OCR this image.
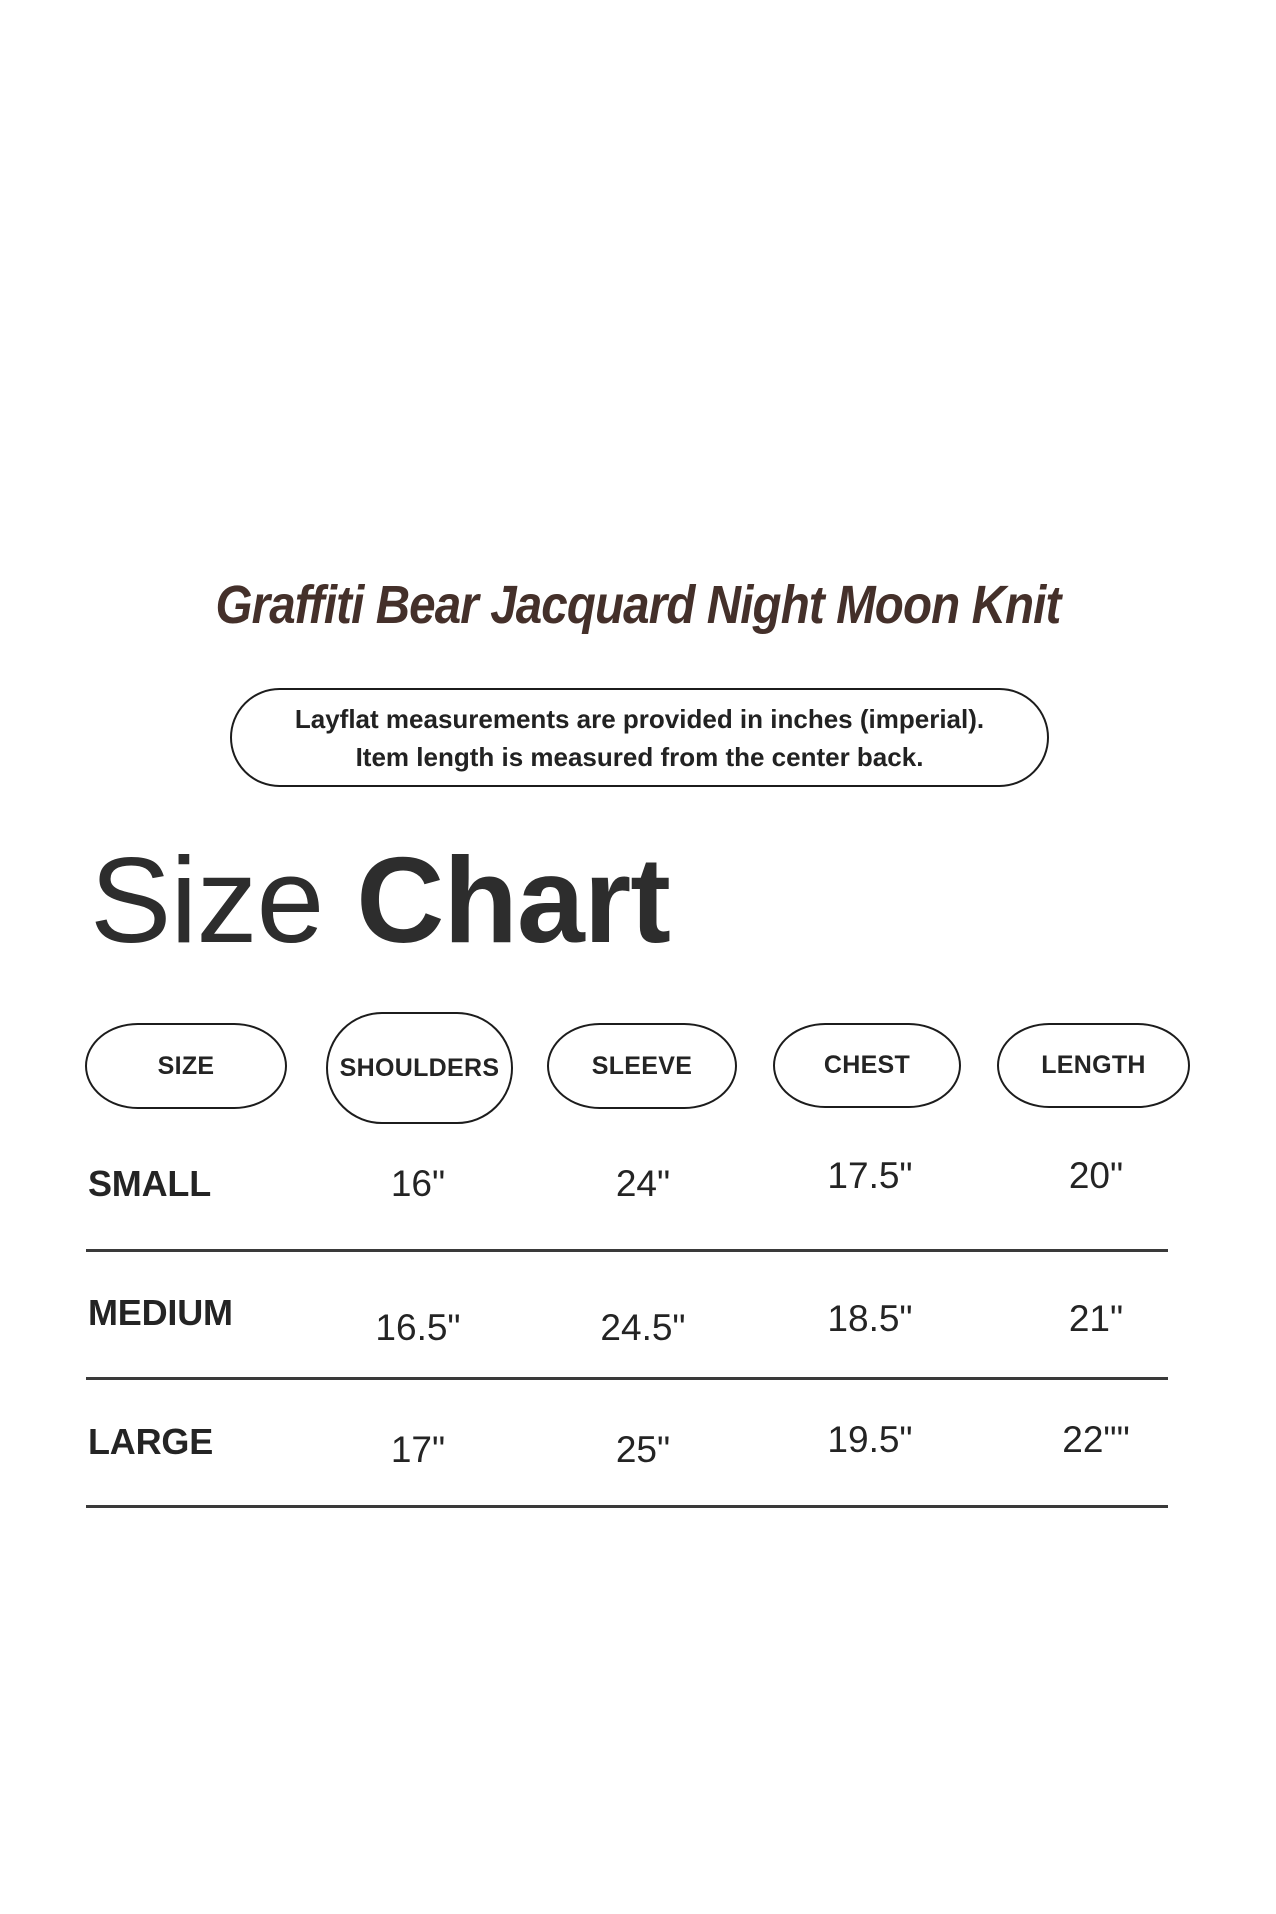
Graffiti Bear Jacquard Night Moon Knit
Layflat measurements are provided in inches (imperial).
Item length is measured from the center back.
Size Chart
SIZE	SHOULDERS	SLEEVE	CHEST	LENGTH
SMALL	16"	24"	17.5"	20"
MEDIUM	16.5"	24.5"	18.5"	21"
LARGE	17"	25"	19.5"	22""
